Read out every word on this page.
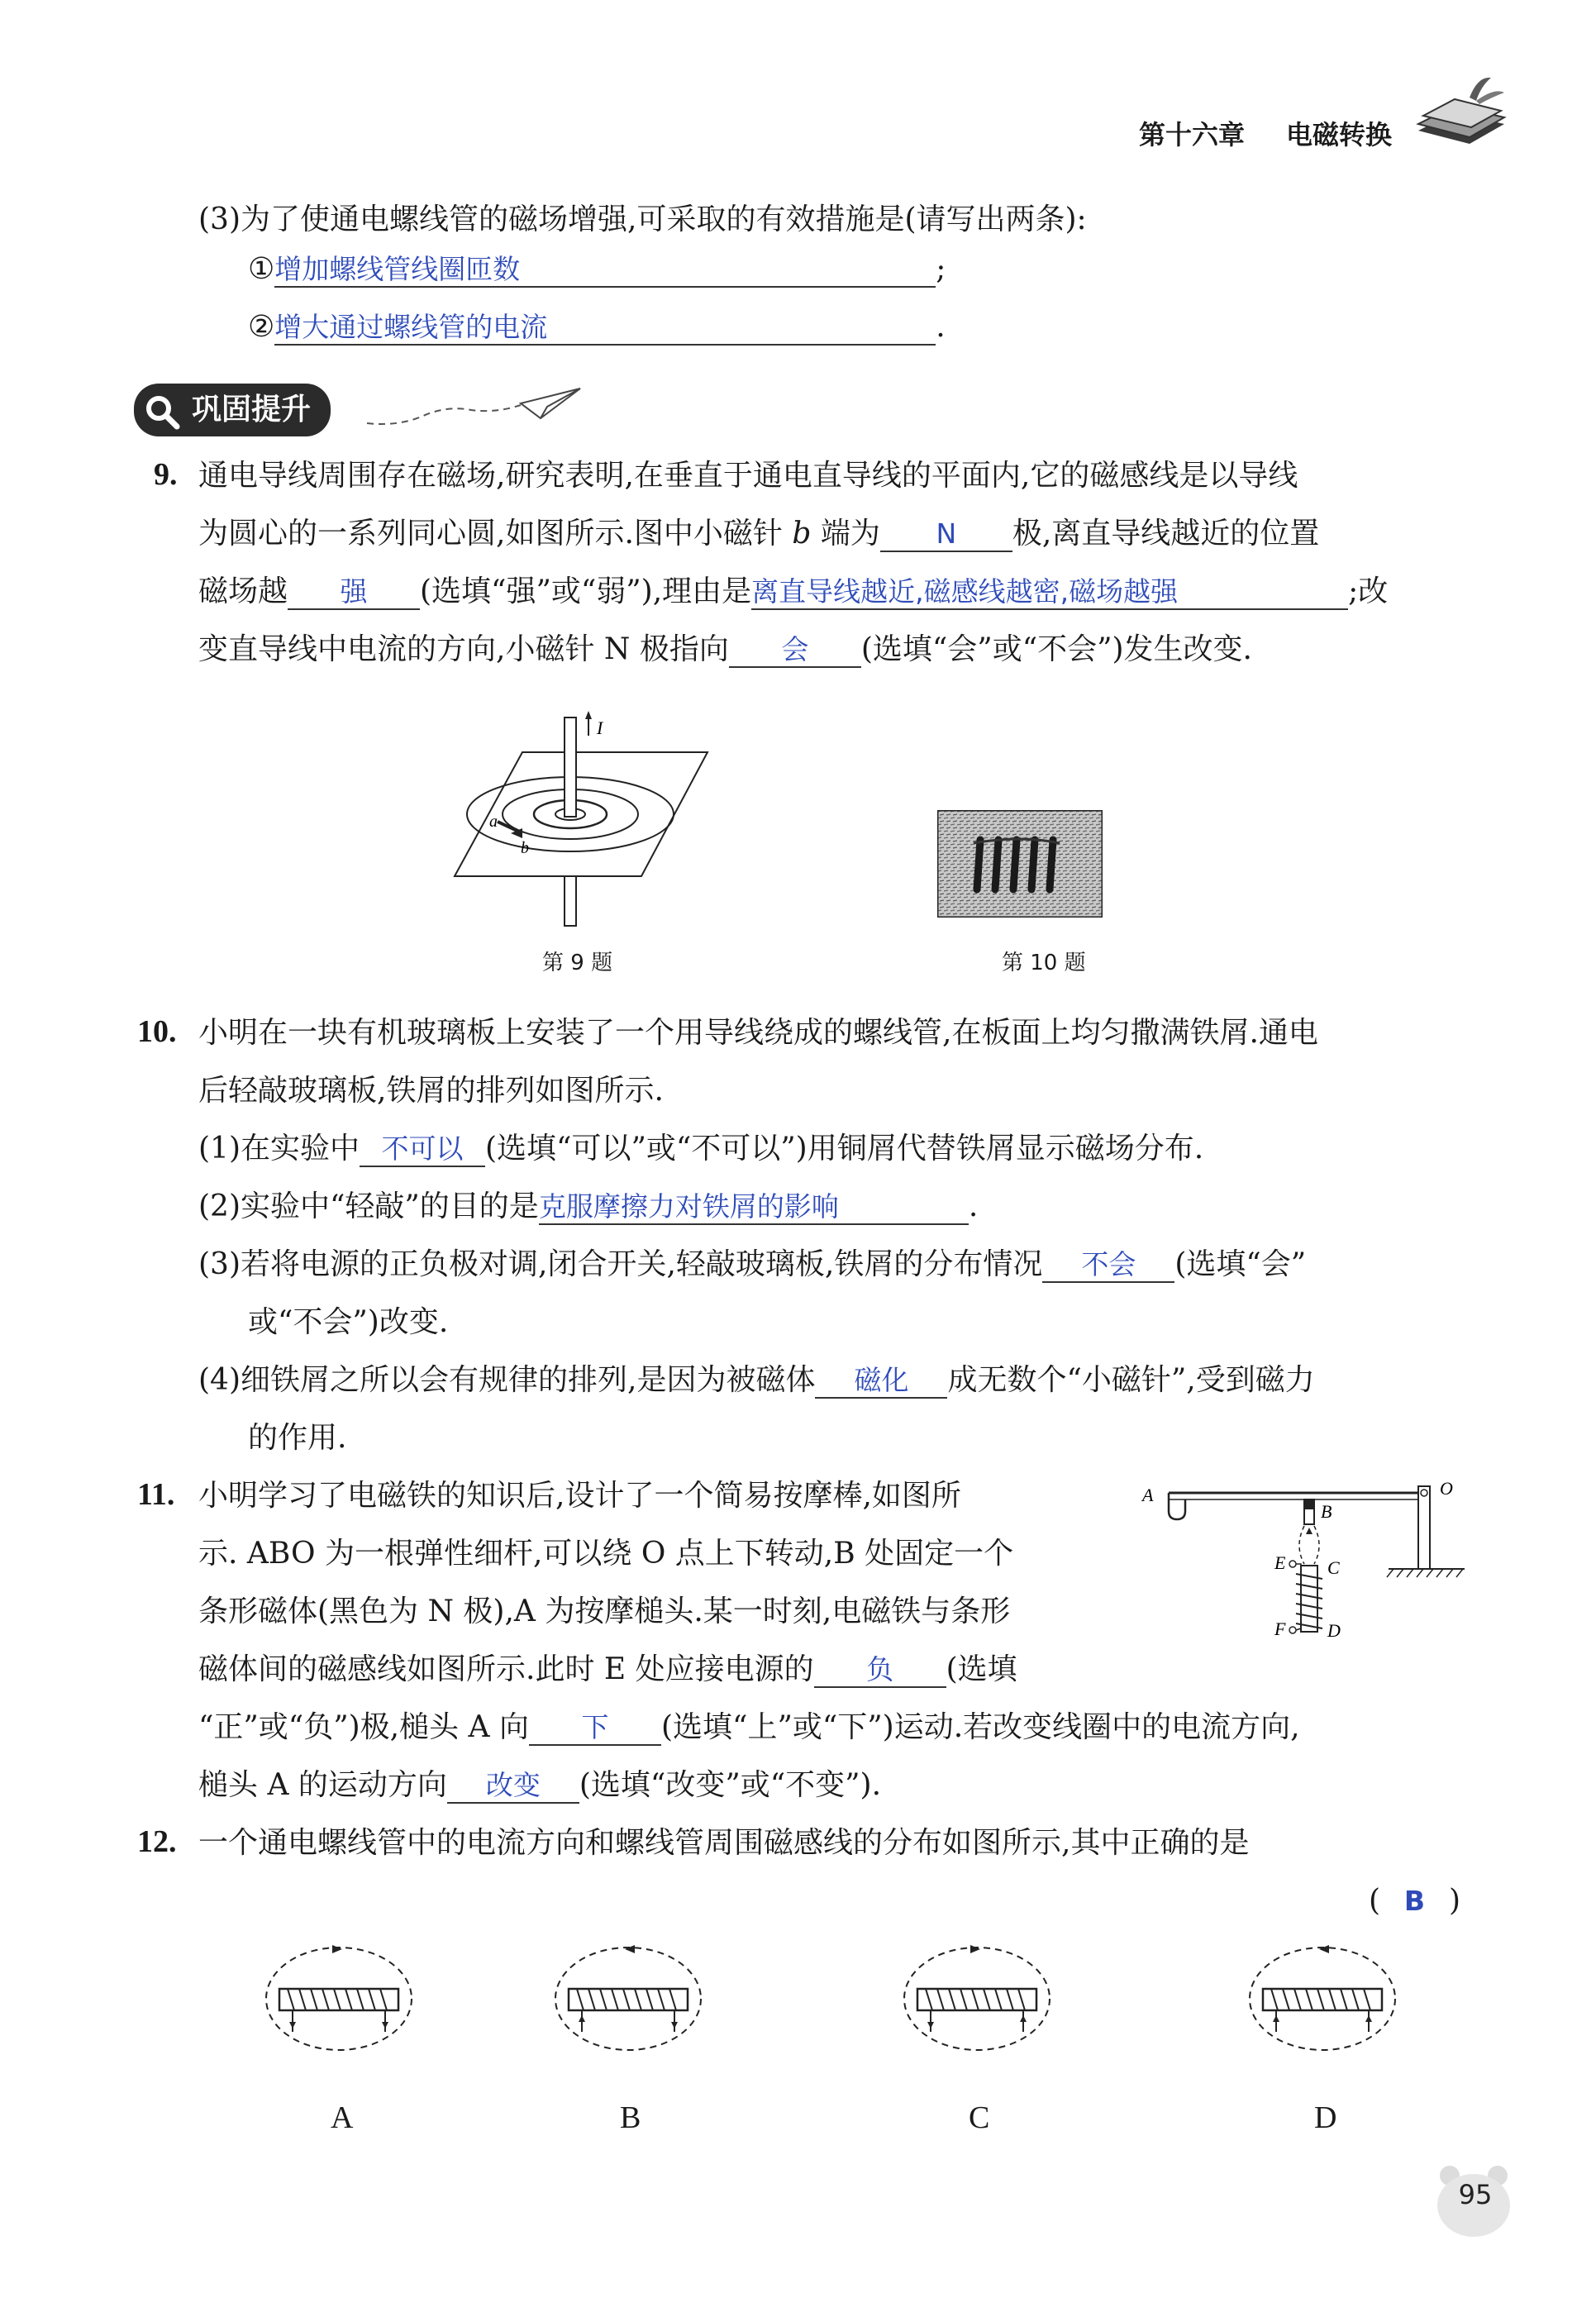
第十六章 电磁转换
(3)为了使通电螺线管的磁场增强,可采取的有效措施是(请写出两条):
①增加螺线管线圈匝数	;
②增大通过螺线管的电流	.
巩固提升
9. 通电导线周围存在磁场,研究表明,在垂直于通电直导线的平面内,它的磁感线是以导线
为圆心的一系列同心圆,如图所示.图中小磁针 b 端为 N 极,离直导线越近的位置
磁场越 强 (选填“强”或“弱”),理由是离直导线越近,磁感线越密,磁场越强	;改
变直导线中电流的方向,小磁针 N 极指向 会 (选填“会”或“不会”)发生改变.
I
a
b
第 9 题	第 10 题
10. 小明在一块有机玻璃板上安装了一个用导线绕成的螺线管,在板面上均匀撒满铁屑.通电
后轻敲玻璃板,铁屑的排列如图所示.
(1)在实验中 不可以 (选填“可以”或“不可以”)用铜屑代替铁屑显示磁场分布.
(2)实验中“轻敲”的目的是克服摩擦力对铁屑的影响	.
(3)若将电源的正负极对调,闭合开关,轻敲玻璃板,铁屑的分布情况 不会 (选填“会”
或“不会”)改变.
(4)细铁屑之所以会有规律的排列,是因为被磁体 磁化 成无数个“小磁针”,受到磁力
的作用.
11. 小明学习了电磁铁的知识后,设计了一个简易按摩棒,如图所
示. ABO 为一根弹性细杆,可以绕 O 点上下转动,B 处固定一个
条形磁体(黑色为 N 极),A 为按摩槌头.某一时刻,电磁铁与条形
磁体间的磁感线如图所示.此时 E 处应接电源的 负 (选填
“正”或“负”)极,槌头 A 向 下 (选填“上”或“下”)运动.若改变线圈中的电流方向,
槌头 A 的运动方向 改变 (选填“改变”或“不变”).
A	O
B
E C
F D
12. 一个通电螺线管中的电流方向和螺线管周围磁感线的分布如图所示,其中正确的是
( B )
A	B	C	D
95
